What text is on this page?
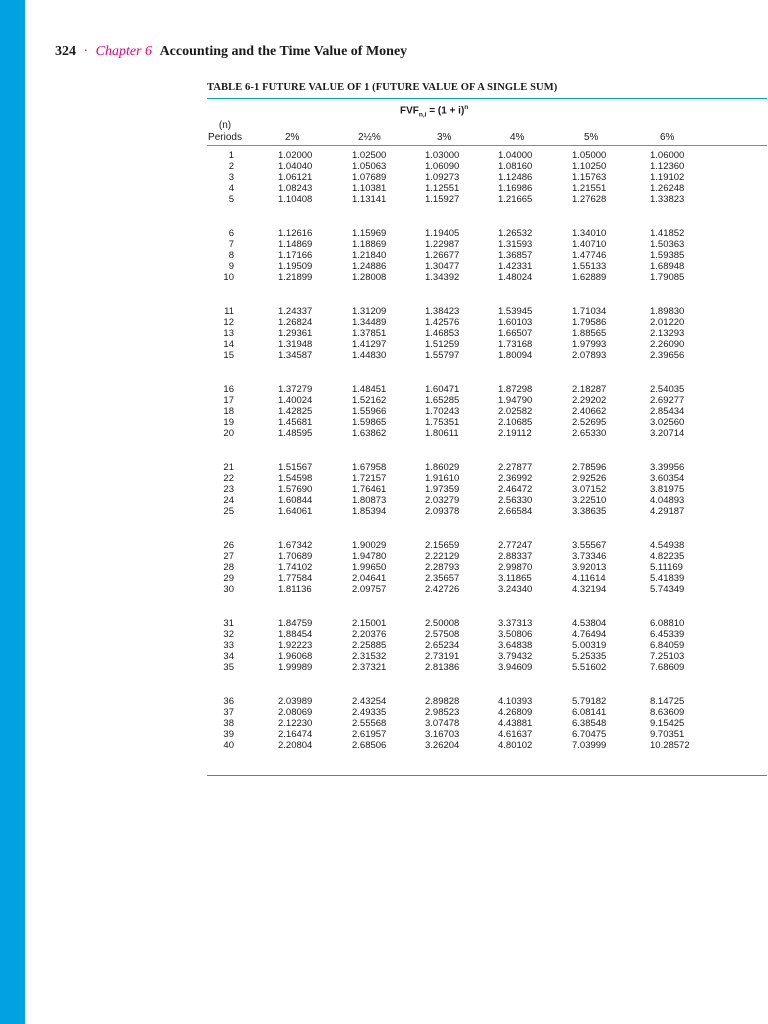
324 · Chapter 6 Accounting and the Time Value of Money
TABLE 6-1 FUTURE VALUE OF 1 (FUTURE VALUE OF A SINGLE SUM)
$FVF_{n,i} = (1 + i)^n$
(n)
Periods	2%	2½%	3%	4%	5%	6%
1	1.02000	1.02500	1.03000	1.04000	1.05000	1.06000
2	1.04040	1.05063	1.06090	1.08160	1.10250	1.12360
3	1.06121	1.07689	1.09273	1.12486	1.15763	1.19102
4	1.08243	1.10381	1.12551	1.16986	1.21551	1.26248
5	1.10408	1.13141	1.15927	1.21665	1.27628	1.33823
6	1.12616	1.15969	1.19405	1.26532	1.34010	1.41852
7	1.14869	1.18869	1.22987	1.31593	1.40710	1.50363
8	1.17166	1.21840	1.26677	1.36857	1.47746	1.59385
9	1.19509	1.24886	1.30477	1.42331	1.55133	1.68948
10	1.21899	1.28008	1.34392	1.48024	1.62889	1.79085
11	1.24337	1.31209	1.38423	1.53945	1.71034	1.89830
12	1.26824	1.34489	1.42576	1.60103	1.79586	2.01220
13	1.29361	1.37851	1.46853	1.66507	1.88565	2.13293
14	1.31948	1.41297	1.51259	1.73168	1.97993	2.26090
15	1.34587	1.44830	1.55797	1.80094	2.07893	2.39656
16	1.37279	1.48451	1.60471	1.87298	2.18287	2.54035
17	1.40024	1.52162	1.65285	1.94790	2.29202	2.69277
18	1.42825	1.55966	1.70243	2.02582	2.40662	2.85434
19	1.45681	1.59865	1.75351	2.10685	2.52695	3.02560
20	1.48595	1.63862	1.80611	2.19112	2.65330	3.20714
21	1.51567	1.67958	1.86029	2.27877	2.78596	3.39956
22	1.54598	1.72157	1.91610	2.36992	2.92526	3.60354
23	1.57690	1.76461	1.97359	2.46472	3.07152	3.81975
24	1.60844	1.80873	2.03279	2.56330	3.22510	4.04893
25	1.64061	1.85394	2.09378	2.66584	3.38635	4.29187
26	1.67342	1.90029	2.15659	2.77247	3.55567	4.54938
27	1.70689	1.94780	2.22129	2.88337	3.73346	4.82235
28	1.74102	1.99650	2.28793	2.99870	3.92013	5.11169
29	1.77584	2.04641	2.35657	3.11865	4.11614	5.41839
30	1.81136	2.09757	2.42726	3.24340	4.32194	5.74349
31	1.84759	2.15001	2.50008	3.37313	4.53804	6.08810
32	1.88454	2.20376	2.57508	3.50806	4.76494	6.45339
33	1.92223	2.25885	2.65234	3.64838	5.00319	6.84059
34	1.96068	2.31532	2.73191	3.79432	5.25335	7.25103
35	1.99989	2.37321	2.81386	3.94609	5.51602	7.68609
36	2.03989	2.43254	2.89828	4.10393	5.79182	8.14725
37	2.08069	2.49335	2.98523	4.26809	6.08141	8.63609
38	2.12230	2.55568	3.07478	4.43881	6.38548	9.15425
39	2.16474	2.61957	3.16703	4.61637	6.70475	9.70351
40	2.20804	2.68506	3.26204	4.80102	7.03999	10.28572
